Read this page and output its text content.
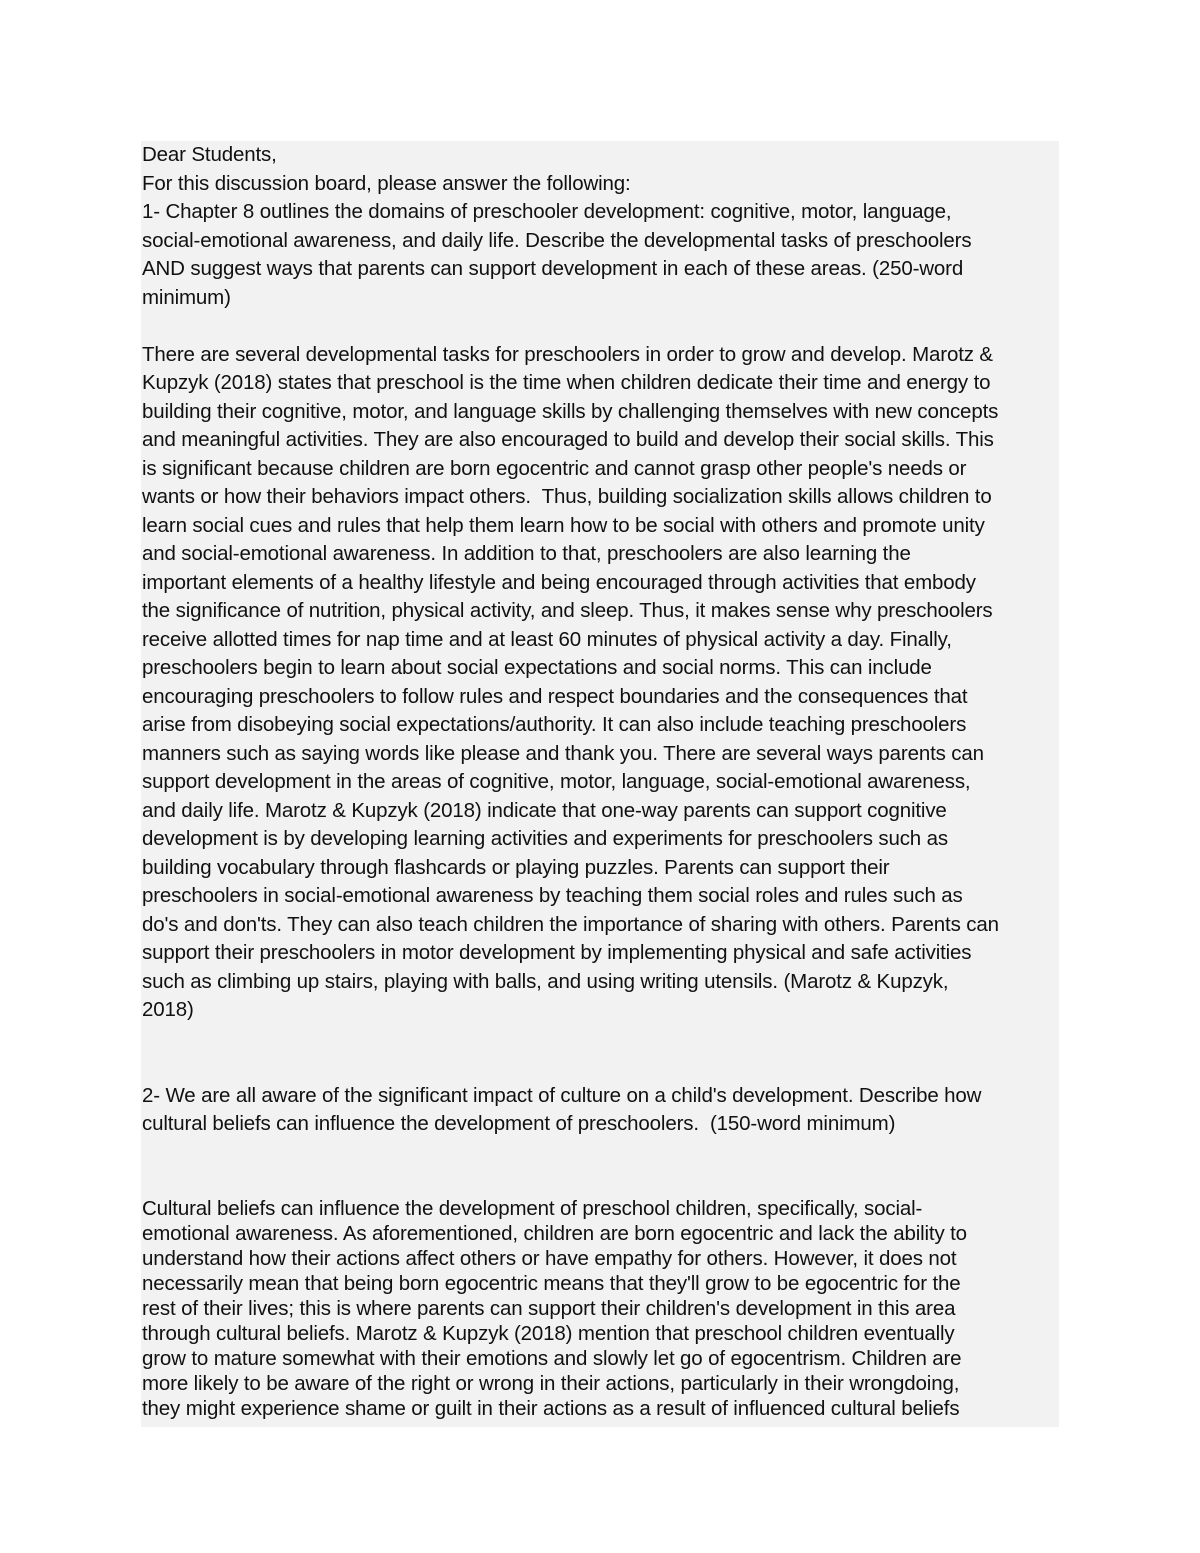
Dear Students,
For this discussion board, please answer the following:
1- Chapter 8 outlines the domains of preschooler development: cognitive, motor, language,
social-emotional awareness, and daily life. Describe the developmental tasks of preschoolers
AND suggest ways that parents can support development in each of these areas. (250-word
minimum)
There are several developmental tasks for preschoolers in order to grow and develop. Marotz &
Kupzyk (2018) states that preschool is the time when children dedicate their time and energy to
building their cognitive, motor, and language skills by challenging themselves with new concepts
and meaningful activities. They are also encouraged to build and develop their social skills. This
is significant because children are born egocentric and cannot grasp other people's needs or
wants or how their behaviors impact others.  Thus, building socialization skills allows children to
learn social cues and rules that help them learn how to be social with others and promote unity
and social-emotional awareness. In addition to that, preschoolers are also learning the
important elements of a healthy lifestyle and being encouraged through activities that embody
the significance of nutrition, physical activity, and sleep. Thus, it makes sense why preschoolers
receive allotted times for nap time and at least 60 minutes of physical activity a day. Finally,
preschoolers begin to learn about social expectations and social norms. This can include
encouraging preschoolers to follow rules and respect boundaries and the consequences that
arise from disobeying social expectations/authority. It can also include teaching preschoolers
manners such as saying words like please and thank you. There are several ways parents can
support development in the areas of cognitive, motor, language, social-emotional awareness,
and daily life. Marotz & Kupzyk (2018) indicate that one-way parents can support cognitive
development is by developing learning activities and experiments for preschoolers such as
building vocabulary through flashcards or playing puzzles. Parents can support their
preschoolers in social-emotional awareness by teaching them social roles and rules such as
do's and don'ts. They can also teach children the importance of sharing with others. Parents can
support their preschoolers in motor development by implementing physical and safe activities
such as climbing up stairs, playing with balls, and using writing utensils. (Marotz & Kupzyk,
2018)
2- We are all aware of the significant impact of culture on a child's development. Describe how
cultural beliefs can influence the development of preschoolers.  (150-word minimum)
Cultural beliefs can influence the development of preschool children, specifically, social-
emotional awareness. As aforementioned, children are born egocentric and lack the ability to
understand how their actions affect others or have empathy for others. However, it does not
necessarily mean that being born egocentric means that they'll grow to be egocentric for the
rest of their lives; this is where parents can support their children's development in this area
through cultural beliefs. Marotz & Kupzyk (2018) mention that preschool children eventually
grow to mature somewhat with their emotions and slowly let go of egocentrism. Children are
more likely to be aware of the right or wrong in their actions, particularly in their wrongdoing,
they might experience shame or guilt in their actions as a result of influenced cultural beliefs
